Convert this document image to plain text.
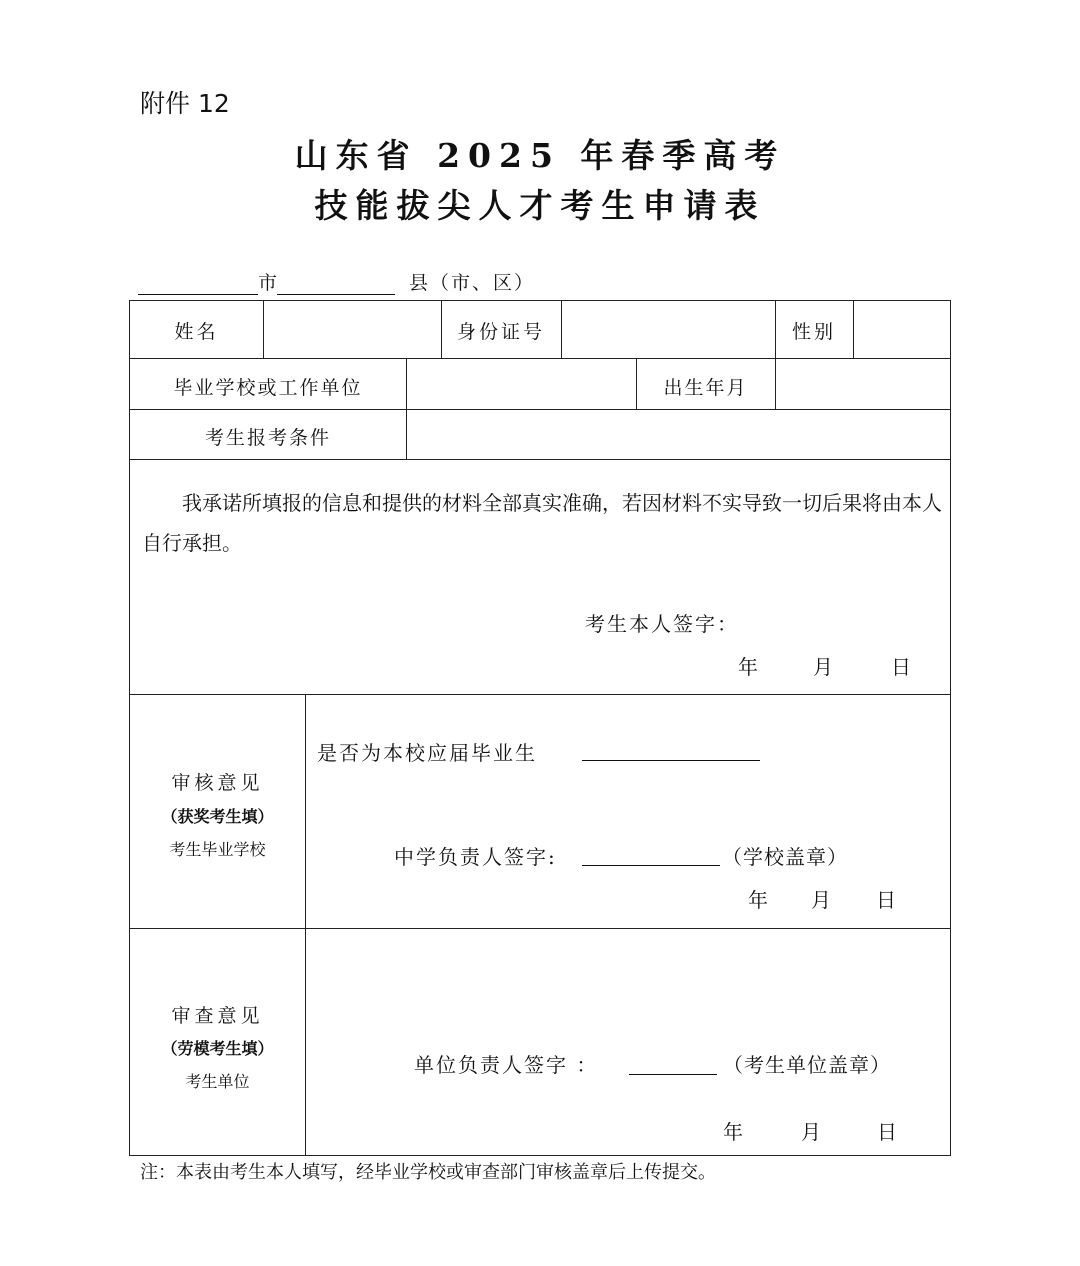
附件 12
山东省 2025 年春季高考
技能拔尖人才考生申请表
市	县（市、区）
姓名	身份证号	性别
毕业学校或工作单位	出生年月
考生报考条件
我承诺所填报的信息和提供的材料全部真实准确，若因材料不实导致一切后果将由本人自行承担。
考生本人签字：
年	月	日
审核意见
（获奖考生填）
考生毕业学校
是否为本校应届毕业生
中学负责人签字:	（学校盖章）
年 月 日
审查意见
（劳模考生填）
考生单位
单位负责人签字 ：	（考生单位盖章）
年	月	日
注：本表由考生本人填写，经毕业学校或审查部门审核盖章后上传提交。
